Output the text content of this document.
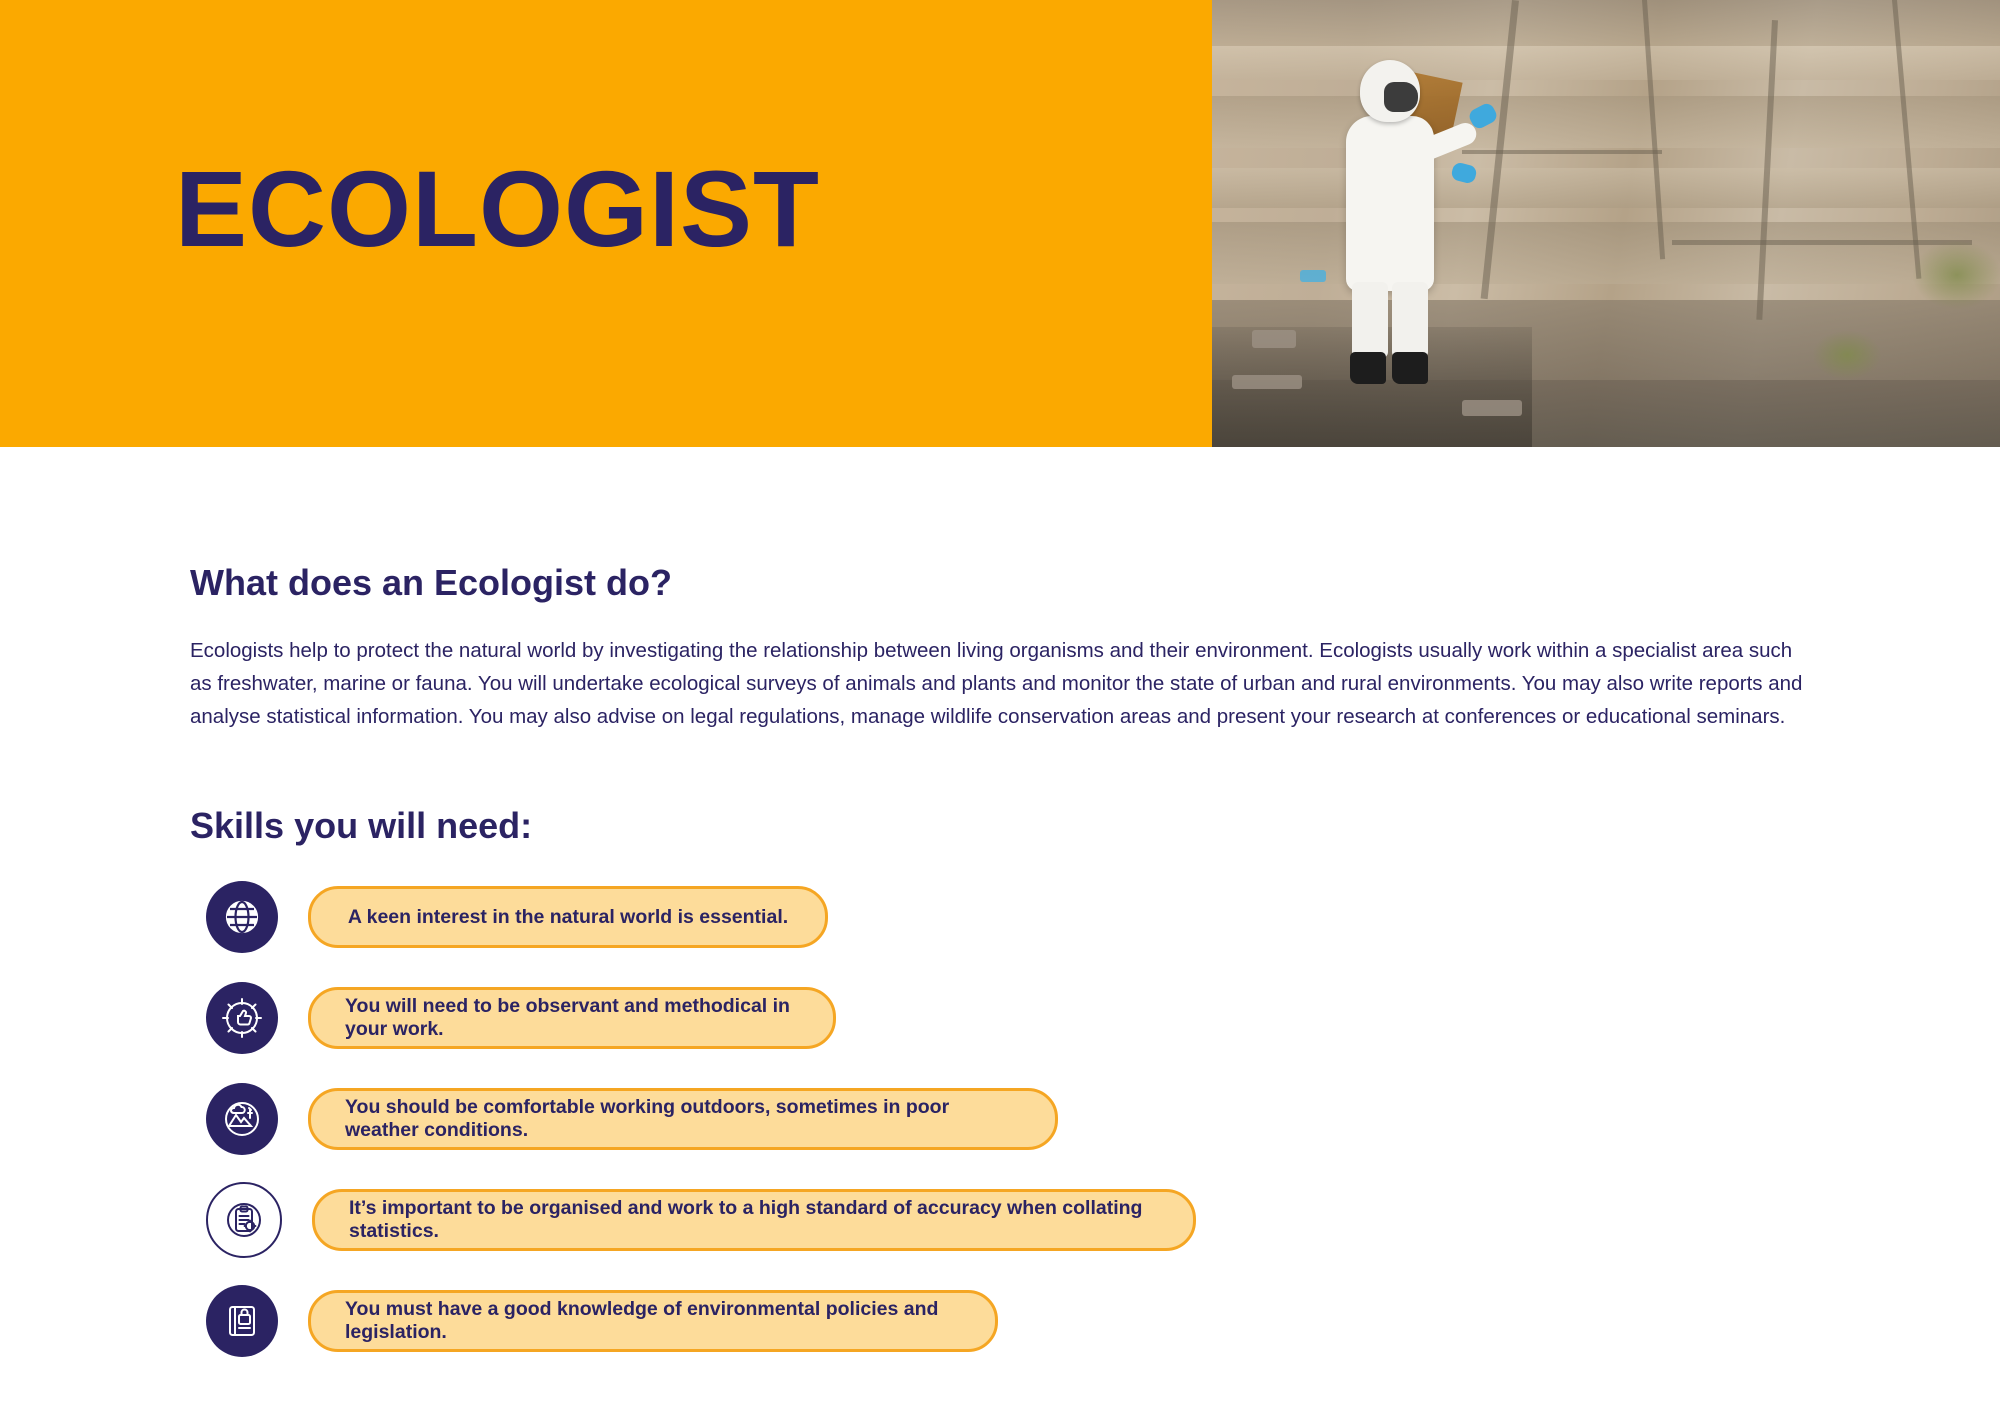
ECOLOGIST
What does an Ecologist do?

Ecologists help to protect the natural world by investigating the relationship between living organisms and their environment. Ecologists usually work within a specialist area such as freshwater, marine or fauna. You will undertake ecological surveys of animals and plants and monitor the state of urban and rural environments. You may also write reports and analyse statistical information. You may also advise on legal regulations, manage wildlife conservation areas and present your research at conferences or educational seminars.

Skills you will need:
A keen interest in the natural world is essential.
You will need to be observant and methodical in your work.
You should be comfortable working outdoors, sometimes in poor weather conditions.
It’s important to be organised and work to a high standard of accuracy when collating statistics.
You must have a good knowledge of environmental policies and legislation.
